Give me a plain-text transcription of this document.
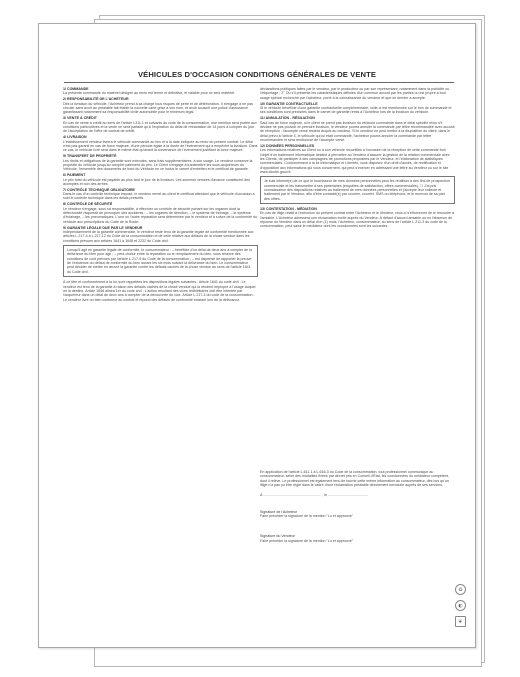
VÉHICULES D'OCCASION CONDITIONS GÉNÉRALES DE VENTE
1/ COMMANDE

La présente commande du matériel désigné au recto est ferme et définitive, et valable pour ce seul matériel.

2/ RESPONSABILITÉ DE L'ACHETEUR

Dès la livraison du véhicule, l'Acheteur prend à sa charge tous risques de perte et de détérioration. Il s'engage à ne pas circuler sans avoir au préalable fait établir la nouvelle carte grise à son nom, et avoir souscrit une police d'assurance garantissant notamment sa responsabilité civile automobile pour le minimum légal.

3/ VENTE À CRÉDIT

En cas de vente à crédit au sens de l'article L311.1 et suivants du code de la consommation, une mention sera portée aux conditions particulières et la vente ne sera parfaite qu'à l'expiration du délai de rétractation de 14 jours à compter du jour de l'acceptation de l'offre de contrat de crédit.

4/ LIVRAISON

L'établissement vendeur livrera le véhicule commandé au lieu et à la date indiquée au recto du présent contrat. Le délai n'est pas garanti en cas de force majeure, d'une période égale à la durée de l'événement qui a empêché la livraison. Dans ce cas, le véhicule livré sera dans le même état qu'avant la survenance de l'événement justifiant la force majeure.

5/ TRANSFERT DE PROPRIÉTÉ

Les droits et obligations de la garantie sont exécutés, sans frais supplémentaires, à son usage. Le vendeur conserve la propriété du véhicule jusqu'au complet paiement du prix. Le Client s'engage à transmettre les sous-acquéreurs du Véhicule, l'ensemble des documents de bord du Véhicule en ce inclus le carnet d'entretien et le certificat de garantie.

6/ PAIEMENT

Le prix total du véhicule est payable au plus tard le jour de la livraison. Les sommes versées d'avance constituent des acomptes et non des arrhes.

7/ CONTRÔLE TECHNIQUE OBLIGATOIRE

Dans le cas d'un contrôle technique imposé, le vendeur remet au client le certificat attestant que le véhicule d'occasion a subi le contrôle technique dans les délais prescrits.

8/ CONTRÔLE DE SÉCURITÉ

Le vendeur s'engage, sous sa responsabilité, à effectuer un contrôle de sécurité portant sur les organes dont la défectuosité risquerait de provoquer des accidents : – les organes de direction, – le système de freinage, – le système d'éclairage, – les pneumatiques. L'une ou l'autre réparation sera déterminée par le vendeur et à suivre de la conformité du véhicule aux prescriptions du Code de la Route.

9/ GARANTIE LÉGALE DUE PAR LE VENDEUR

Indépendamment de la garantie commerciale, le vendeur reste tenu de la garantie légale de conformité mentionnée aux articles L.217-4 à L.217-12 du Code de la consommation et de celle relative aux défauts de la chose vendue dans les conditions prévues aux articles 1641 à 1648 et 2232 du Code civil.

Lorsqu'il agit en garantie légale de conformité, le consommateur : – bénéficie d'un délai de deux ans à compter de la délivrance du bien pour agir ; – peut choisir entre la réparation ou le remplacement du bien, sous réserve des conditions de coût prévues par l'article L.217-9 du Code de la consommation ; – est dispensé de rapporter la preuve de l'existence du défaut de conformité du bien durant les six mois suivant la délivrance du bien. Le consommateur peut décider de mettre en œuvre la garantie contre les défauts cachés de la chose vendue au sens de l'article 1641 du Code civil.

À ce titre et conformément à la loi, sont rappelées les dispositions légales suivantes : Article 1641 du code civil : Le vendeur est tenu de la garantie à raison des défauts cachés de la chose vendue qui la rendent impropre à l'usage auquel on la destine. Article 1648 alinéa 1er du code civil : L'action résultant des vices rédhibitoires doit être intentée par l'acquéreur dans un délai de deux ans à compter de la découverte du vice. Article L.217-4 du code de la consommation : Le vendeur livre un bien conforme au contrat et répond des défauts de conformité existant lors de la délivrance.

déclarations publiques faites par le vendeur, par le producteur ou par son représentant, notamment dans la publicité ou l'étiquetage ; 2° Ou s'il présente les caractéristiques définies d'un commun accord par les parties ou est propre à tout usage spécial recherché par l'acheteur, porté à la connaissance du vendeur et que ce dernier a accepté.

10/ GARANTIE CONTRACTUELLE

Si le véhicule bénéficie d'une garantie contractuelle complémentaire, celle-ci est mentionnée sur le bon de commande et ses conditions sont précisées dans le carnet de garantie remis à l'Acheteur lors de la livraison du véhicule.

11/ ANNULATION - RÉSILIATION

Sauf cas de force majeure, si le client ne prend pas livraison du véhicule commandé dans le délai spécifié et/ou s'il déclare ne pas pouvoir en prendre livraison, le vendeur pourra annuler la commande par lettre recommandée avec accusé de réception ; l'acompte versé restera acquis au vendeur. Si le vendeur ne peut mettre à la disposition du client, dans le délai prévu à l'article 4, le véhicule qui lui était commandé, l'acheteur pourra annuler la commande par lettre recommandée et sera remboursé de l'acompte versé.

12/ DONNÉES PERSONNELLES

Les informations relatives au Client ou à son véhicule recueillies à l'occasion de la réception de cette commande font l'objet d'un traitement informatique destiné à permettre au Vendeur d'assurer la gestion de la relation commerciale avec les Clients, de participer à des campagnes de promotions proposées par le Vendeur, et l'élaboration de statistiques commerciales. Conformément à la loi Informatique et Libertés, vous disposez d'un droit d'accès, de rectification et d'opposition aux informations qui vous concernent, qui peut s'exercer en adressant une lettre au Vendeur ou sur le site www.bloctel.gouv.fr.

Je suis informé(e) de ce que le fournisseur de mes données personnelles peut les réutiliser à des fins de prospection commerciale et les transmettre à ses partenaires (enquêtes de satisfaction, offres commerciales). ☐ J'ai pris connaissance des dispositions relatives au traitement de mes données personnelles et j'accepte leur collecte et traitement par le Vendeur, afin d'être contacté(e) par courrier, courriel, SMS ou téléphone, et le recevoir de sa part des offres.

13/ CONTESTATION - MÉDIATION

En cas de litige relatif à l'exécution du présent contrat entre l'Acheteur et le Vendeur, ceux-ci s'efforceront de le résoudre à l'amiable. L'Acheteur adressera une réclamation écrite auprès du Vendeur. À défaut d'accord amiable ou en l'absence de réponse du Vendeur dans un délai d'un (1) mois, l'Acheteur, consommateur, au sens de l'article L.211-3 du code de la consommation, peut saisir le médiateur dont les coordonnées sont les suivantes :

En application de l'article L.611-1 à L.616-3 du Code de la consommation, tout professionnel communique au consommateur, selon des modalités fixées par décret pris en Conseil d'État, les coordonnées du médiateur compétent, dont il relève. Le professionnel est également tenu de fournir cette même information au consommateur, dès lors qu'un litige n'a pas pu être réglé dans le cadre d'une réclamation préalable directement introduite auprès de ses services.

À .......................................................... , le ........................................
Signature de l'Acheteur
Faire précéder la signature de la mention "Lu et approuvé"
Signature du Vendeur
Faire précéder la signature de la mention "Lu et approuvé"
♻
◐
❦
